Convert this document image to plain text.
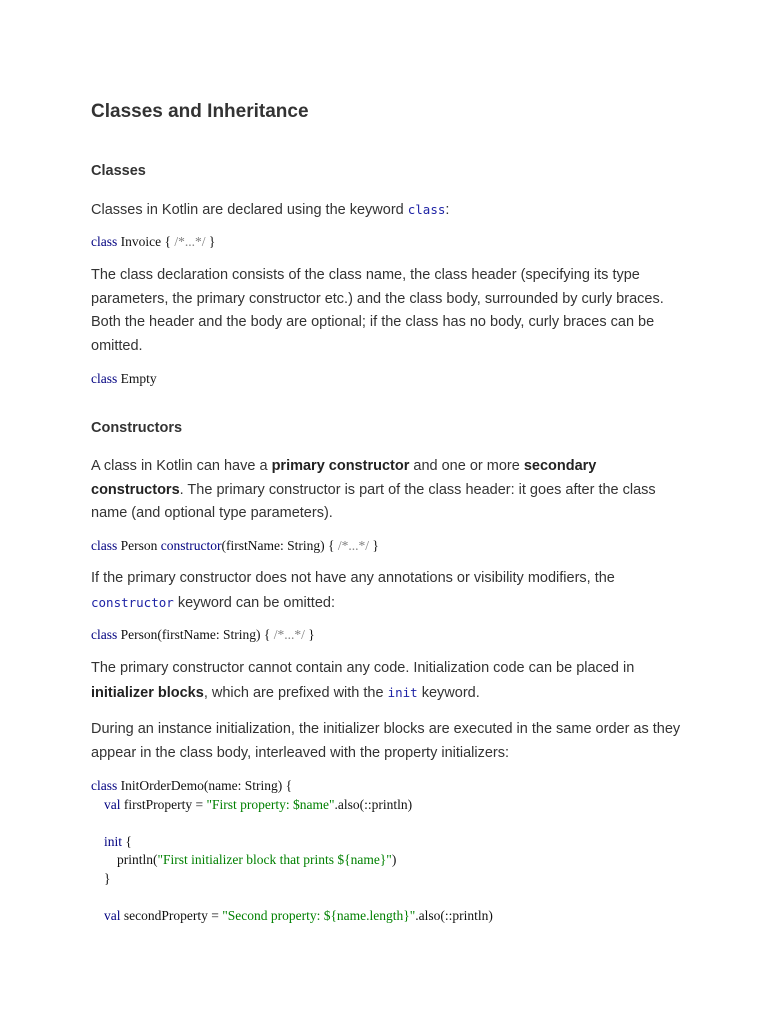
Classes and Inheritance
Classes
Classes in Kotlin are declared using the keyword class:
class Invoice { /*...*/ }
The class declaration consists of the class name, the class header (specifying its type parameters, the primary constructor etc.) and the class body, surrounded by curly braces. Both the header and the body are optional; if the class has no body, curly braces can be omitted.
class Empty
Constructors
A class in Kotlin can have a primary constructor and one or more secondary constructors. The primary constructor is part of the class header: it goes after the class name (and optional type parameters).
class Person constructor(firstName: String) { /*...*/ }
If the primary constructor does not have any annotations or visibility modifiers, the constructor keyword can be omitted:
class Person(firstName: String) { /*...*/ }
The primary constructor cannot contain any code. Initialization code can be placed in initializer blocks, which are prefixed with the init keyword.
During an instance initialization, the initializer blocks are executed in the same order as they appear in the class body, interleaved with the property initializers:
class InitOrderDemo(name: String) {
val firstProperty = "First property: $name".also(::println)

init {
println("First initializer block that prints ${name}")
}

val secondProperty = "Second property: ${name.length}".also(::println)
